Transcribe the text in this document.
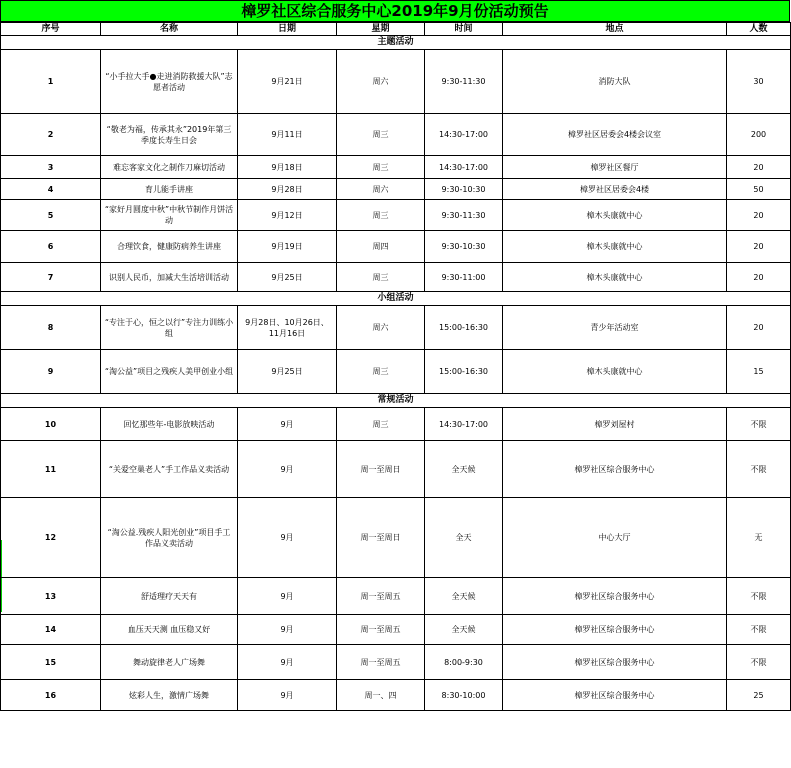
樟罗社区综合服务中心2019年9月份活动预告
序号	名称	日期	星期	时间	地点	人数
主题活动						
1	“小手拉大手●走进消防救援大队”志愿者活动	9月21日	周六	9:30-11:30	消防大队	30
2	“敬老为福，传承其永”2019年第三季度长寿生日会	9月11日	周三	14:30-17:00	樟罗社区居委会4楼会议室	200
3	难忘客家文化之制作刀麻切活动	9月18日	周三	14:30-17:00	樟罗社区餐厅	20
4	育儿能手讲座	9月28日	周六	9:30-10:30	樟罗社区居委会4楼	50
5	“家好月圆度中秋”中秋节制作月饼活动	9月12日	周三	9:30-11:30	樟木头康就中心	20
6	合理饮食，健康防病养生讲座	9月19日	周四	9:30-10:30	樟木头康就中心	20
7	识别人民币，加减大生活培训活动	9月25日	周三	9:30-11:00	樟木头康就中心	20
小组活动						
8	“专注于心，恒之以行”专注力训练小组	9月28日、10月26日、11月16日	周六	15:00-16:30	青少年活动室	20
9	“淘公益”项目之残疾人美甲创业小组	9月25日	周三	15:00-16:30	樟木头康就中心	15
常规活动						
10	回忆那些年-电影放映活动	9月	周三	14:30-17:00	樟罗刘屋村	不限
11	“关爱空巢老人”手工作品义卖活动	9月	周一至周日	全天候	樟罗社区综合服务中心	不限
12	“淘公益.残疾人阳光创业”项目手工作品义卖活动	9月	周一至周日	全天	中心大厅	无
13	舒适理疗天天有	9月	周一至周五	全天候	樟罗社区综合服务中心	不限
14	血压天天测 血压稳又好	9月	周一至周五	全天候	樟罗社区综合服务中心	不限
15	舞动旋律老人广场舞	9月	周一至周五	8:00-9:30	樟罗社区综合服务中心	不限
16	炫彩人生，激情广场舞	9月	周一、四	8:30-10:00	樟罗社区综合服务中心	25
